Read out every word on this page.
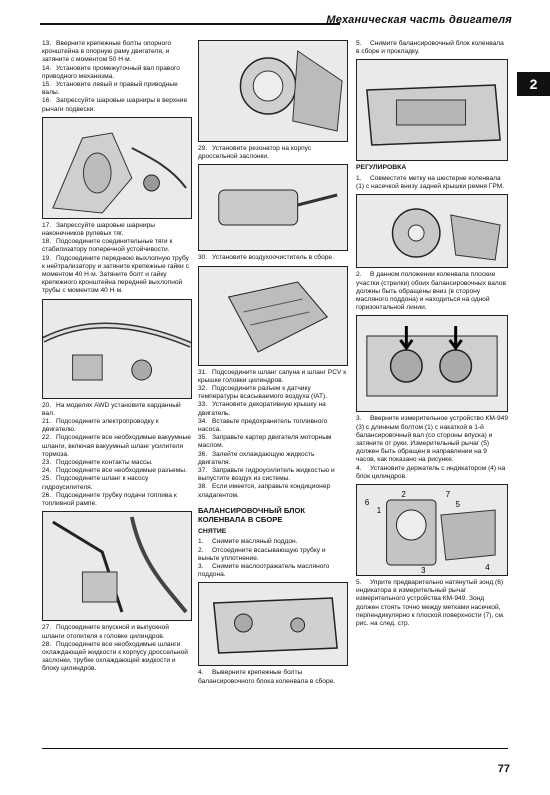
Механическая часть двигателя
2

13. Вверните крепежные болты опорного кронштейна в опорную раму двигателя, и затяните с моментом 50 Н·м.

14. Установите промежуточный вал правого приводного механизма.

15. Установите левый и правый приводные валы.

16. Запрессуйте шаровые шарниры в верхние рычаги подвески.

17. Запрессуйте шаровые шарниры наконечников рулевых тяг.

18. Подсоедините соединительные тяги к стабилизатору поперечной устойчивости.

19. Подсоедините переднюю выхлопную трубу к нейтрализатору и затяните крепежные гайки с моментом 40 Н·м. Затяните болт и гайку крепежного кронштейна передней выхлопной трубы с моментом 40 Н·м.

20. На моделях AWD установите карданный вал.

21. Подсоедините электропроводку к двигателю.

22. Подсоедините все необходимые вакуумные шланги, включая вакуумный шланг усилителя тормоза.

23. Подсоедините контакты массы.

24. Подсоедините все необходимые разъемы.

25. Подсоедините шланг к насосу гидроусилителя.

26. Подсоедините трубку подачи топлива к топливной рампе.

27. Подсоедините впускной и выпускной шланги отопителя к головке цилиндров.

28. Подсоедините все необходимые шланги охлаждающей жидкости к корпусу дроссельной заслонки, трубке охлаждающей жидкости и блоку цилиндров.

29. Установите резонатор на корпус дроссельной заслонки.

30. Установите воздухоочиститель в сборе.

31. Подсоедините шланг сапуна и шланг PCV к крышке головки цилиндров.

32. Подсоедините разъем к датчику температуры всасываемого воздуха (IAT).

33. Установите декоративную крышку на двигатель.

34. Вставьте предохранитель топливного насоса.

35. Заправьте картер двигателя моторным маслом.

36. Залейте охлаждающую жидкость двигателя.

37. Заправьте гидроусилитель жидкостью и выпустите воздух из системы.

38. Если имеется, заправьте кондиционер хладагентом.

БАЛАНСИРОВОЧНЫЙ БЛОК КОЛЕНВАЛА В СБОРЕ
СНЯТИЕ

1. Снимите масляный поддон.

2. Отсоедините всасывающую трубку и выньте уплотнение.

3. Снимите маслоотражатель масляного поддона.

4. Выверните крепежные болты балансировочного блока коленвала в сборе.

5. Снимите балансировочный блок коленвала в сборе и прокладку.

РЕГУЛИРОВКА

1. Совместите метку на шестерне коленвала (1) с насечкой внизу задней крышки ремня ГРМ.

2. В данном положении коленвала плоские участки (стрелки) обоих балансировочных валов должны быть обращены вниз (в сторону масляного поддона) и находиться на одной горизонтальной линии.

3. Вверните измерительное устройство КМ-949 (3) с длинным болтом (1) с накаткой в 1-й балансировочный вал (со стороны впуска) и затяните от руки. Измерительный рычаг (5) должен быть обращен в направлении на 9 часов, как показано на рисунке.

4. Установите держатель с индикатором (4) на блок цилиндров.

6
1
2	7
5
4
3

5. Уприте предварительно натянутый зонд (6) индикатора в измерительный рычаг измерительного устройства КМ-949. Зонд должен стоять точно между метками насечкой, перпендикулярно к плоской поверхности (7), см. рис. на след. стр.

77
